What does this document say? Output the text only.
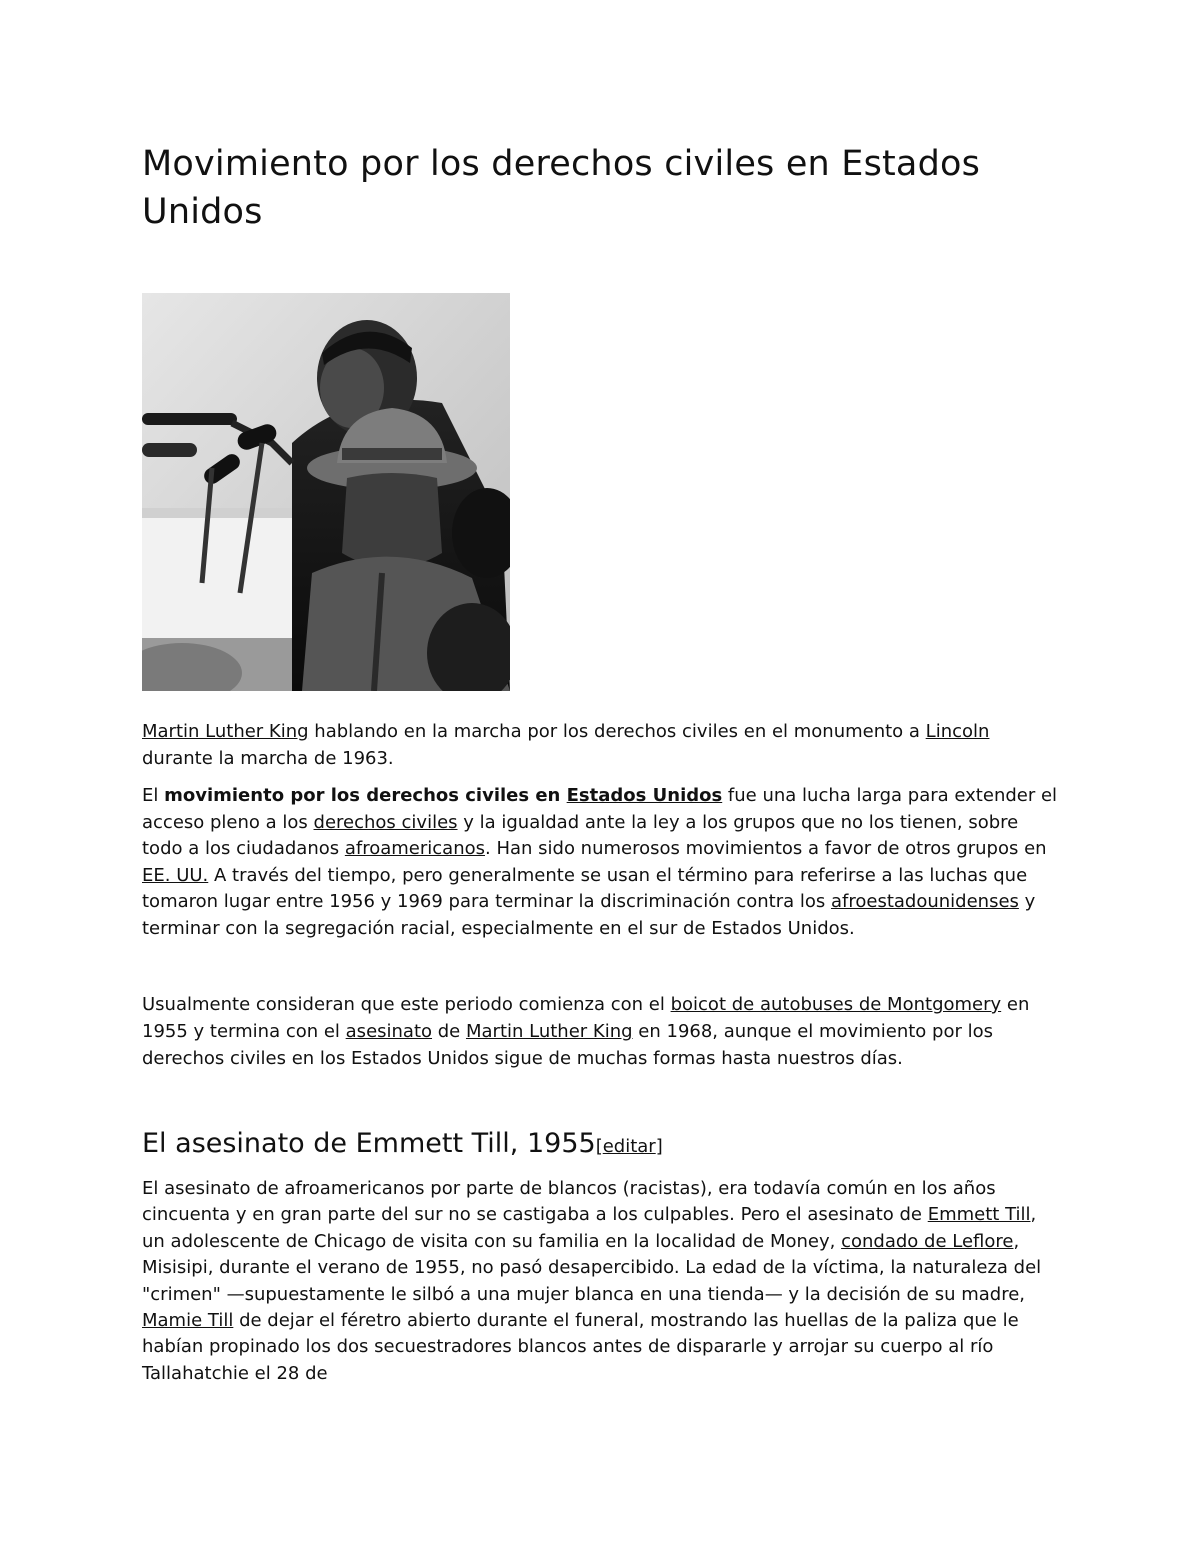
Movimiento por los derechos civiles en Estados Unidos

Martin Luther King hablando en la marcha por los derechos civiles en el monumento a Lincoln durante la marcha de 1963.

El movimiento por los derechos civiles en Estados Unidos fue una lucha larga para extender el acceso pleno a los derechos civiles y la igualdad ante la ley a los grupos que no los tienen, sobre todo a los ciudadanos afroamericanos. Han sido numerosos movimientos a favor de otros grupos en EE. UU. A través del tiempo, pero generalmente se usan el término para referirse a las luchas que tomaron lugar entre 1956 y 1969 para terminar la discriminación contra los afroestadounidenses y terminar con la segregación racial, especialmente en el sur de Estados Unidos.

Usualmente consideran que este periodo comienza con el boicot de autobuses de Montgomery en 1955 y termina con el asesinato de Martin Luther King en 1968, aunque el movimiento por los derechos civiles en los Estados Unidos sigue de muchas formas hasta nuestros días.

El asesinato de Emmett Till, 1955[editar]

El asesinato de afroamericanos por parte de blancos (racistas), era todavía común en los años cincuenta y en gran parte del sur no se castigaba a los culpables. Pero el asesinato de Emmett Till, un adolescente de Chicago de visita con su familia en la localidad de Money, condado de Leflore, Misisipi, durante el verano de 1955, no pasó desapercibido. La edad de la víctima, la naturaleza del "crimen" —supuestamente le silbó a una mujer blanca en una tienda— y la decisión de su madre, Mamie Till de dejar el féretro abierto durante el funeral, mostrando las huellas de la paliza que le habían propinado los dos secuestradores blancos antes de dispararle y arrojar su cuerpo al río Tallahatchie el 28 de
